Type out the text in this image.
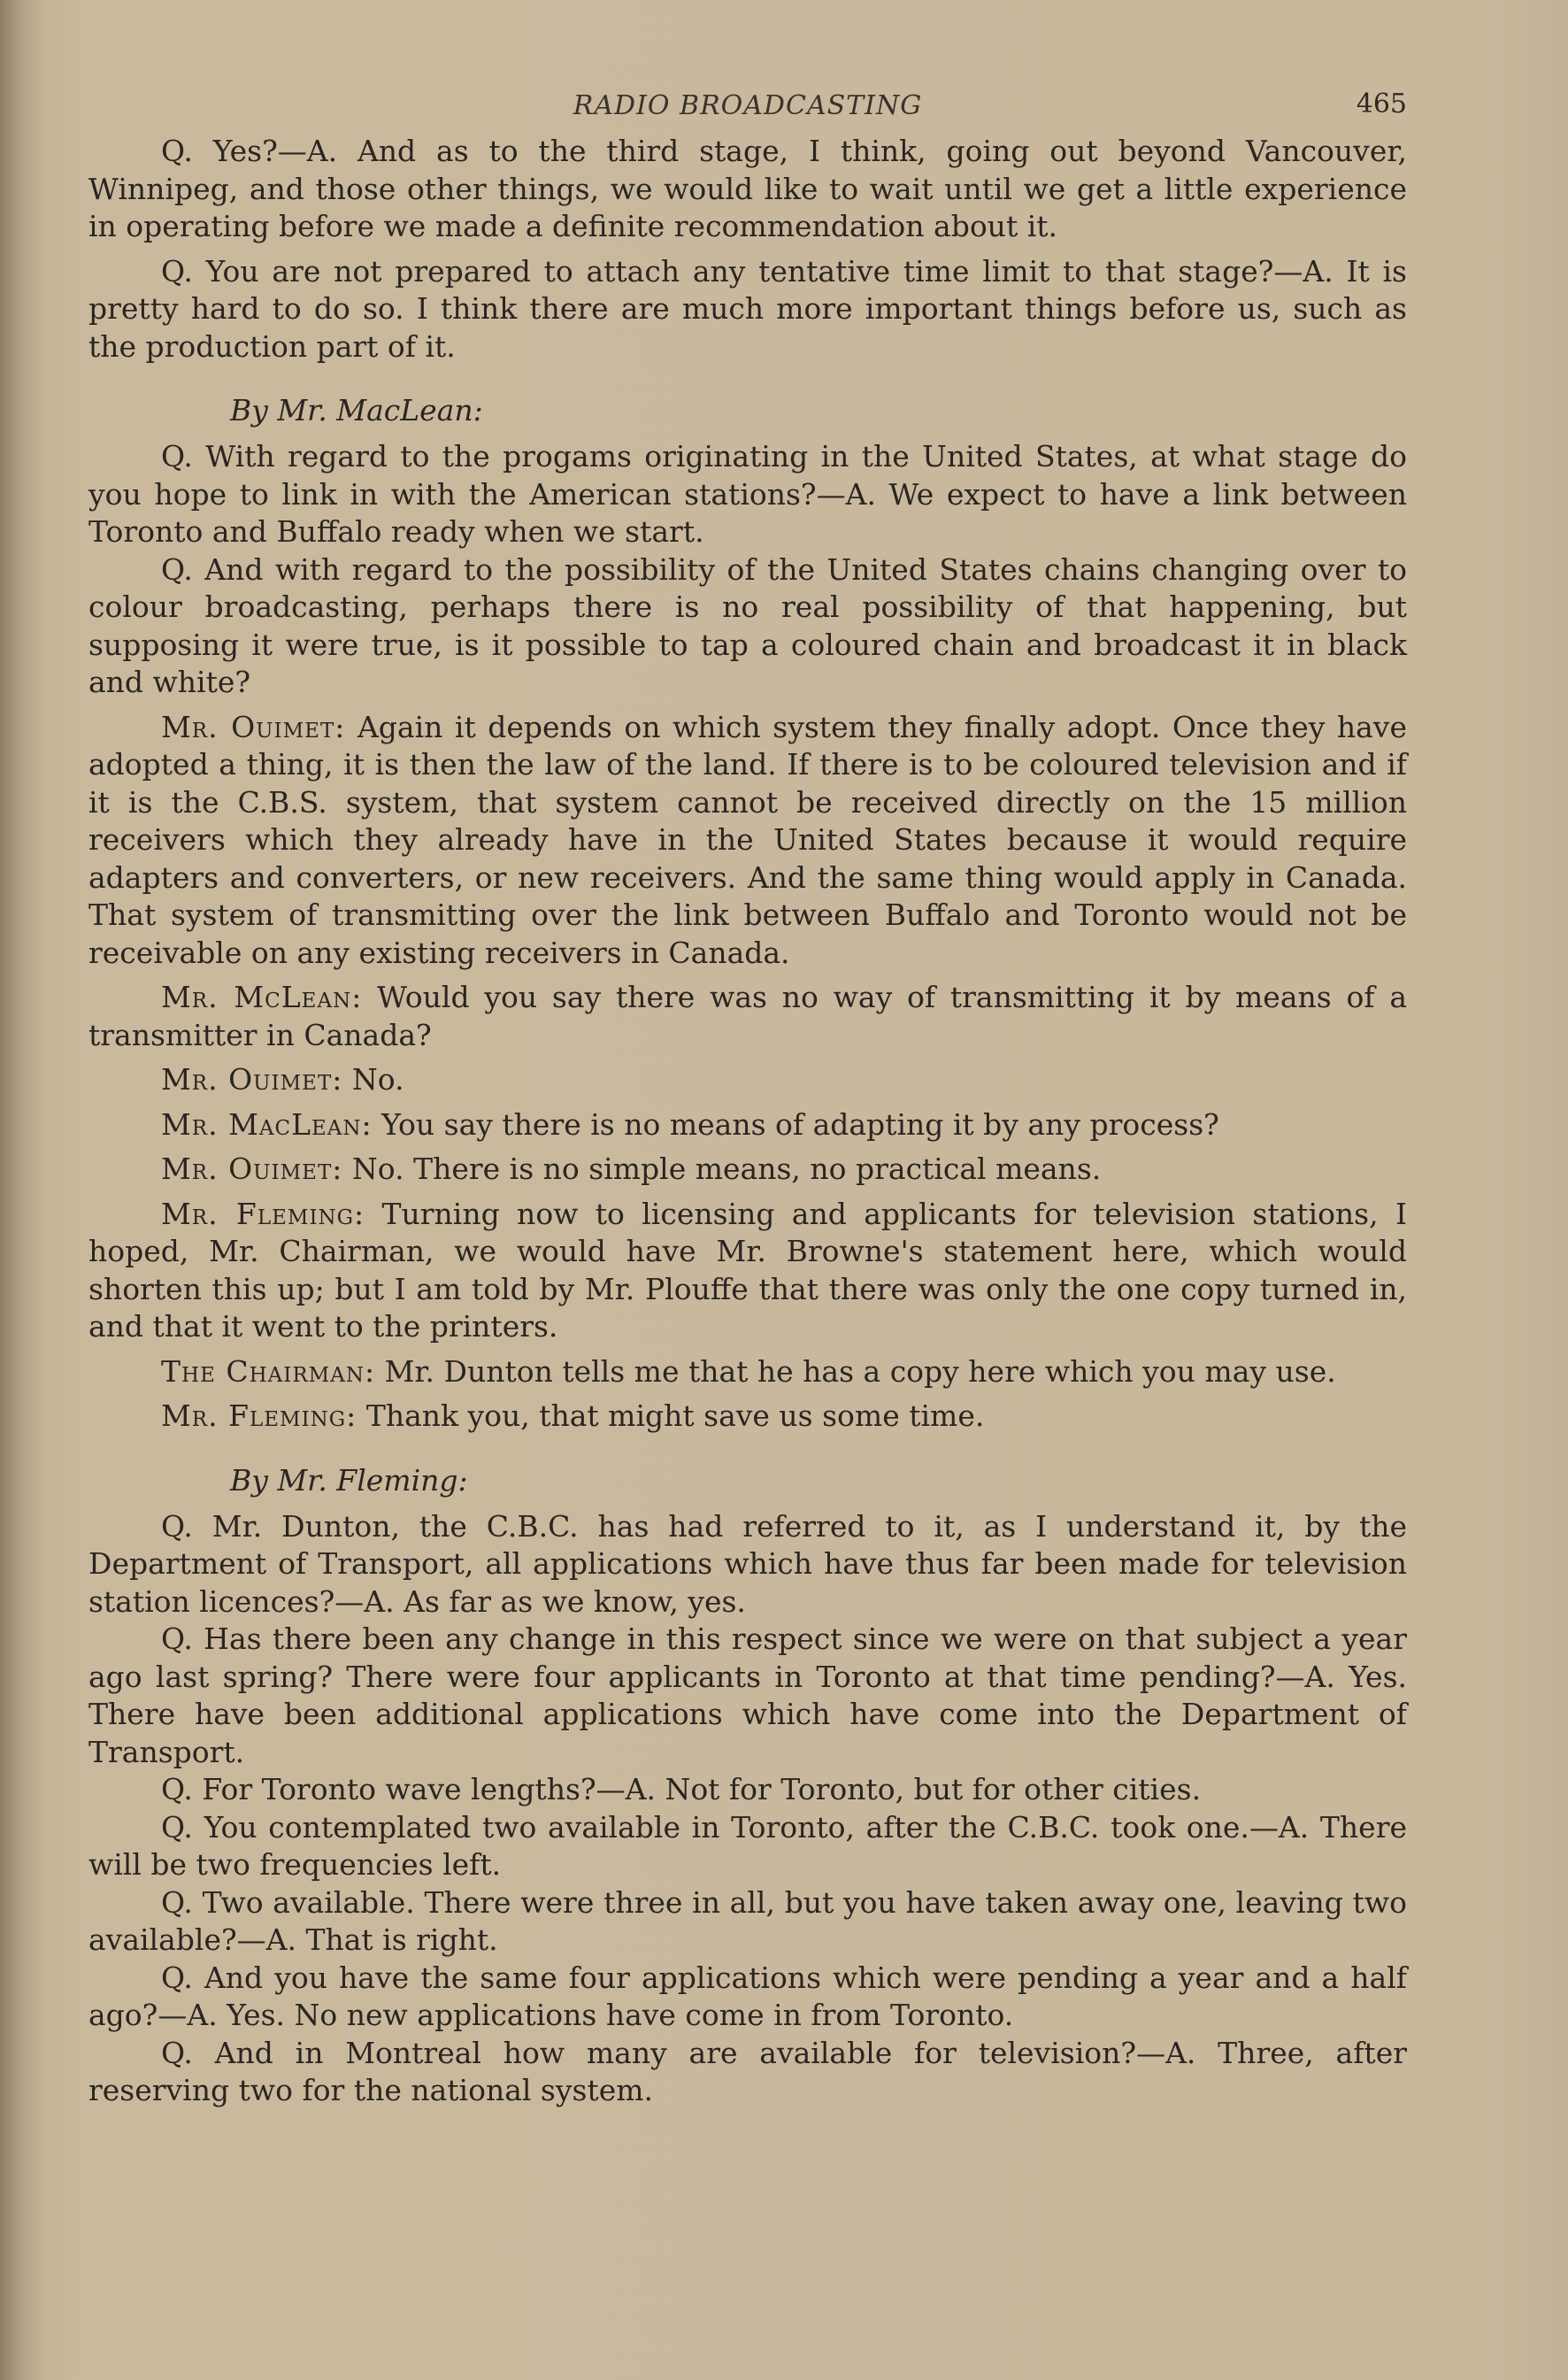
RADIO BROADCASTING	465

Q. Yes?—A. And as to the third stage, I think, going out beyond Vancouver, Winnipeg, and those other things, we would like to wait until we get a little experience in operating before we made a definite recommendation about it.

Q. You are not prepared to attach any tentative time limit to that stage?—A. It is pretty hard to do so. I think there are much more important things before us, such as the production part of it.

By Mr. MacLean:

Q. With regard to the progams originating in the United States, at what stage do you hope to link in with the American stations?—A. We expect to have a link between Toronto and Buffalo ready when we start.

Q. And with regard to the possibility of the United States chains changing over to colour broadcasting, perhaps there is no real possibility of that happening, but supposing it were true, is it possible to tap a coloured chain and broadcast it in black and white?

Mr. Ouimet: Again it depends on which system they finally adopt. Once they have adopted a thing, it is then the law of the land. If there is to be coloured television and if it is the C.B.S. system, that system cannot be received directly on the 15 million receivers which they already have in the United States because it would require adapters and converters, or new receivers. And the same thing would apply in Canada. That system of transmitting over the link between Buffalo and Toronto would not be receivable on any existing receivers in Canada.

Mr. McLean: Would you say there was no way of transmitting it by means of a transmitter in Canada?

Mr. Ouimet: No.

Mr. MacLean: You say there is no means of adapting it by any process?

Mr. Ouimet: No. There is no simple means, no practical means.

Mr. Fleming: Turning now to licensing and applicants for television stations, I hoped, Mr. Chairman, we would have Mr. Browne's statement here, which would shorten this up; but I am told by Mr. Plouffe that there was only the one copy turned in, and that it went to the printers.

The Chairman: Mr. Dunton tells me that he has a copy here which you may use.

Mr. Fleming: Thank you, that might save us some time.

By Mr. Fleming:

Q. Mr. Dunton, the C.B.C. has had referred to it, as I understand it, by the Department of Transport, all applications which have thus far been made for television station licences?—A. As far as we know, yes.

Q. Has there been any change in this respect since we were on that subject a year ago last spring? There were four applicants in Toronto at that time pending?—A. Yes. There have been additional applications which have come into the Department of Transport.

Q. For Toronto wave lengths?—A. Not for Toronto, but for other cities.

Q. You contemplated two available in Toronto, after the C.B.C. took one.—A. There will be two frequencies left.

Q. Two available. There were three in all, but you have taken away one, leaving two available?—A. That is right.

Q. And you have the same four applications which were pending a year and a half ago?—A. Yes. No new applications have come in from Toronto.

Q. And in Montreal how many are available for television?—A. Three, after reserving two for the national system.
